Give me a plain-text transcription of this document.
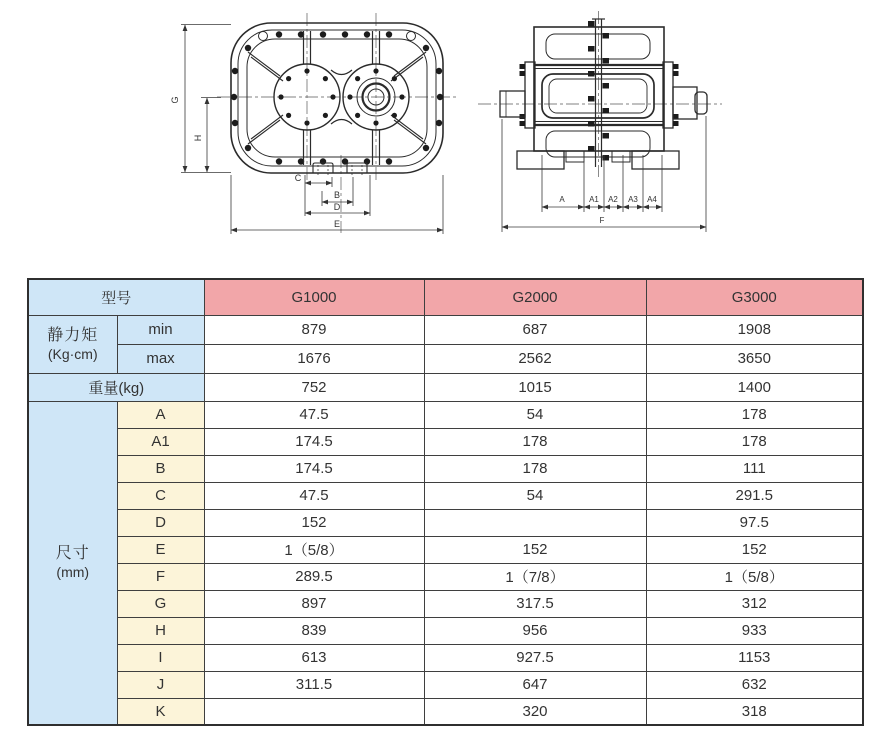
G
H
C
B
D
E
A	A1 A2 A3 A4
F
型号		G1000	G2000	G3000

静力矩
(Kg·cm)	min	879	687	1908
	max	1676	2562	3650
重量(kg)		752	1015	1400

尺寸
(mm)	A	47.5	54	178
	A1	174.5	178	178
	B	174.5	178	111
	C	47.5	54	291.5
	D	152		97.5
	E	1（5/8）	152	152
	F	289.5	1（7/8）	1（5/8）
	G	897	317.5	312
	H	839	956	933
	I	613	927.5	1153
	J	311.5	647	632
	K		320	318
